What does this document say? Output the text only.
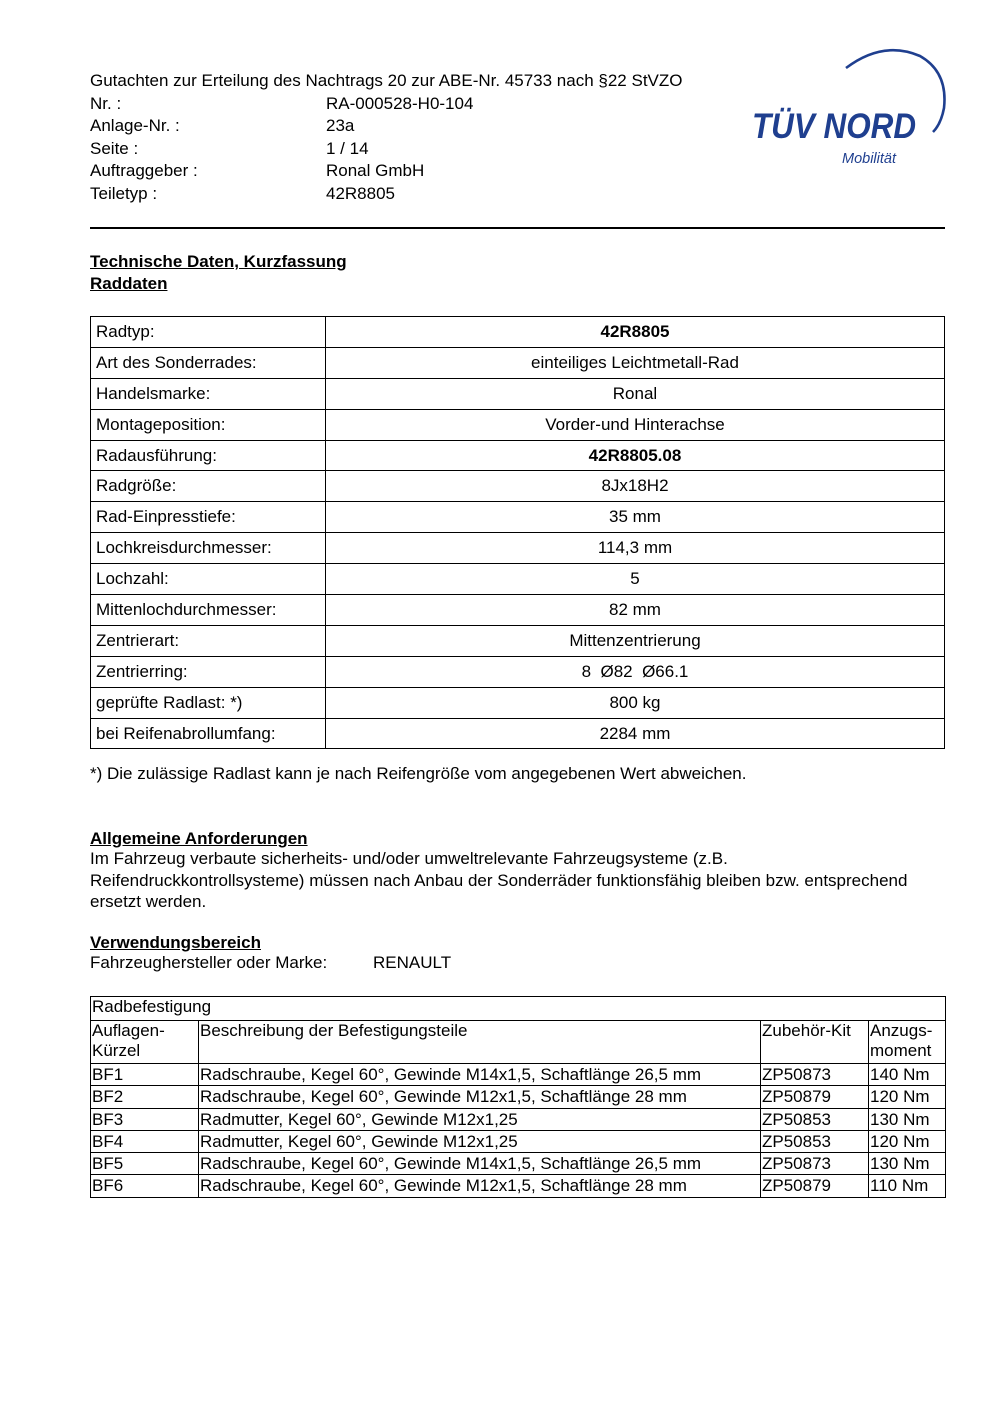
Gutachten zur Erteilung des Nachtrags 20 zur ABE-Nr. 45733 nach §22 StVZO
Nr. :	RA-000528-H0-104
Anlage-Nr. :	23a
Seite :	1 / 14
Auftraggeber :	Ronal GmbH
Teiletyp :	42R8805
TÜV NORD
Mobilität
Technische Daten, Kurzfassung
Raddaten
Radtyp:	42R8805
Art des Sonderrades:	einteiliges Leichtmetall-Rad
Handelsmarke:	Ronal
Montageposition:	Vorder-und Hinterachse
Radausführung:	42R8805.08
Radgröße:	8Jx18H2
Rad-Einpresstiefe:	35 mm
Lochkreisdurchmesser:	114,3 mm
Lochzahl:	5
Mittenlochdurchmesser:	82 mm
Zentrierart:	Mittenzentrierung
Zentrierring:	8  Ø82  Ø66.1
geprüfte Radlast: *)	800 kg
bei Reifenabrollumfang:	2284 mm
*) Die zulässige Radlast kann je nach Reifengröße vom angegebenen Wert abweichen.
Allgemeine Anforderungen
Im Fahrzeug verbaute sicherheits- und/oder umweltrelevante Fahrzeugsysteme (z.B. Reifendruckkontrollsysteme) müssen nach Anbau der Sonderräder funktionsfähig bleiben bzw. entsprechend ersetzt werden.
Verwendungsbereich
Fahrzeughersteller oder Marke:	RENAULT
Radbefestigung			
Auflagen-Kürzel	Beschreibung der Befestigungsteile	Zubehör-Kit	Anzugs-moment
BF1	Radschraube, Kegel 60°, Gewinde M14x1,5, Schaftlänge 26,5 mm	ZP50873	140 Nm
BF2	Radschraube, Kegel 60°, Gewinde M12x1,5, Schaftlänge 28 mm	ZP50879	120 Nm
BF3	Radmutter, Kegel 60°, Gewinde M12x1,25	ZP50853	130 Nm
BF4	Radmutter, Kegel 60°, Gewinde M12x1,25	ZP50853	120 Nm
BF5	Radschraube, Kegel 60°, Gewinde M14x1,5, Schaftlänge 26,5 mm	ZP50873	130 Nm
BF6	Radschraube, Kegel 60°, Gewinde M12x1,5, Schaftlänge 28 mm	ZP50879	110 Nm
